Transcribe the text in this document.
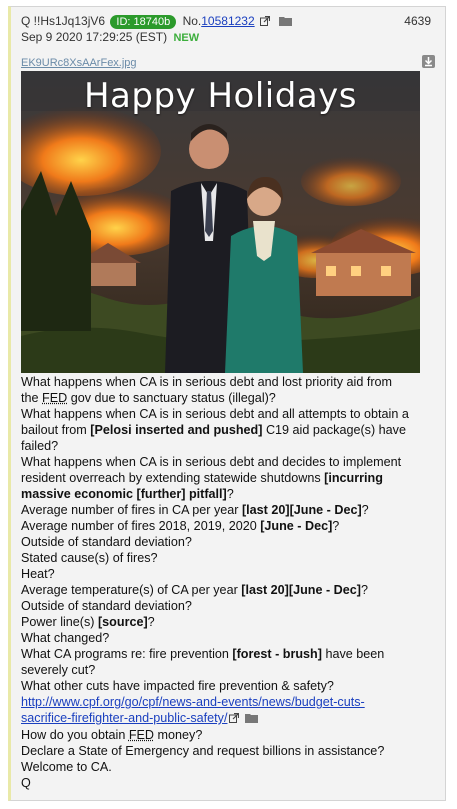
Q !!Hs1Jq13jV6 ID: 18740b No.10581232	4639
Sep 9 2020 17:29:25 (EST) NEW
EK9URc8XsAArFex.jpg
Happy Holidays

What happens when CA is in serious debt and lost priority aid from

the FED gov due to sanctuary status (illegal)?

What happens when CA is in serious debt and all attempts to obtain a

bailout from [Pelosi inserted and pushed] C19 aid package(s) have

failed?

What happens when CA is in serious debt and decides to implement

resident overreach by extending statewide shutdowns [incurring

massive economic [further] pitfall]?

Average number of fires in CA per year [last 20][June - Dec]?

Average number of fires 2018, 2019, 2020 [June - Dec]?

Outside of standard deviation?

Stated cause(s) of fires?

Heat?

Average temperature(s) of CA per year [last 20][June - Dec]?

Outside of standard deviation?

Power line(s) [source]?

What changed?

What CA programs re: fire prevention [forest - brush] have been

severely cut?

What other cuts have impacted fire prevention & safety?

http://www.cpf.org/go/cpf/news-and-events/news/budget-cuts-

sacrifice-firefighter-and-public-safety/

How do you obtain FED money?

Declare a State of Emergency and request billions in assistance?

Welcome to CA.

Q
